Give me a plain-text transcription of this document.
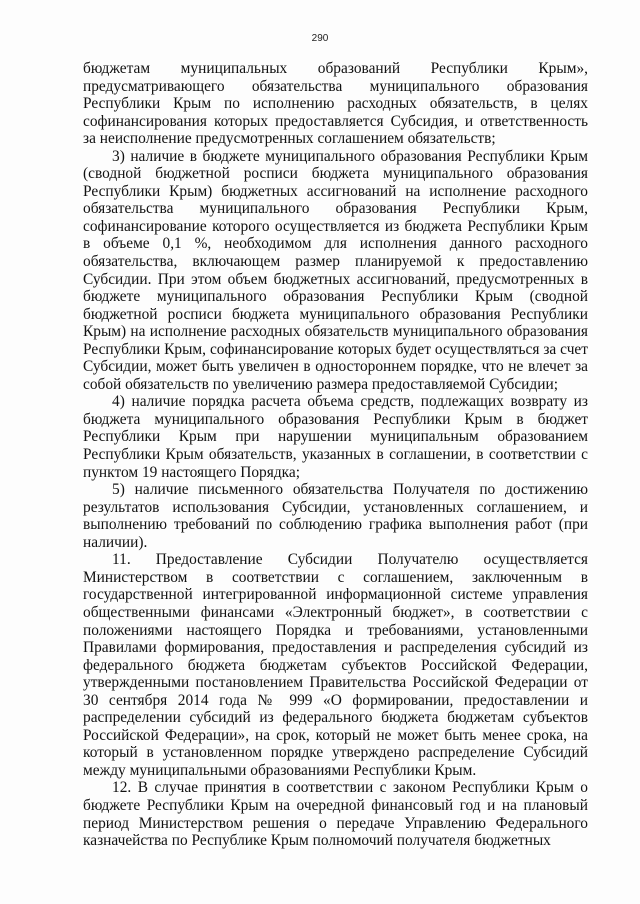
290

бюджетам муниципальных образований Республики Крым», предусматривающего обязательства муниципального образования Республики Крым по исполнению расходных обязательств, в целях софинансирования которых предоставляется Субсидия, и ответственность за неисполнение предусмотренных соглашением обязательств;

3) наличие в бюджете муниципального образования Республики Крым (сводной бюджетной росписи бюджета муниципального образования Республики Крым) бюджетных ассигнований на исполнение расходного обязательства муниципального образования Республики Крым, софинансирование которого осуществляется из бюджета Республики Крым в объеме 0,1 %, необходимом для исполнения данного расходного обязательства, включающем размер планируемой к предоставлению Субсидии. При этом объем бюджетных ассигнований, предусмотренных в бюджете муниципального образования Республики Крым (сводной бюджетной росписи бюджета муниципального образования Республики Крым) на исполнение расходных обязательств муниципального образования Республики Крым, софинансирование которых будет осуществляться за счет Субсидии, может быть увеличен в одностороннем порядке, что не влечет за собой обязательств по увеличению размера предоставляемой Субсидии;

4) наличие порядка расчета объема средств, подлежащих возврату из бюджета муниципального образования Республики Крым в бюджет Республики Крым при нарушении муниципальным образованием Республики Крым обязательств, указанных в соглашении, в соответствии с пунктом 19 настоящего Порядка;

5) наличие письменного обязательства Получателя по достижению результатов использования Субсидии, установленных соглашением, и выполнению требований по соблюдению графика выполнения работ (при наличии).

11. Предоставление Субсидии Получателю осуществляется Министерством в соответствии с соглашением, заключенным в государственной интегрированной информационной системе управления общественными финансами «Электронный бюджет», в соответствии с положениями настоящего Порядка и требованиями, установленными Правилами формирования, предоставления и распределения субсидий из федерального бюджета бюджетам субъектов Российской Федерации, утвержденными постановлением Правительства Российской Федерации от 30 сентября 2014 года № 999 «О формировании, предоставлении и распределении субсидий из федерального бюджета бюджетам субъектов Российской Федерации», на срок, который не может быть менее срока, на который в установленном порядке утверждено распределение Субсидий между муниципальными образованиями Республики Крым.

12. В случае принятия в соответствии с законом Республики Крым о бюджете Республики Крым на очередной финансовый год и на плановый период Министерством решения о передаче Управлению Федерального казначейства по Республике Крым полномочий получателя бюджетных
